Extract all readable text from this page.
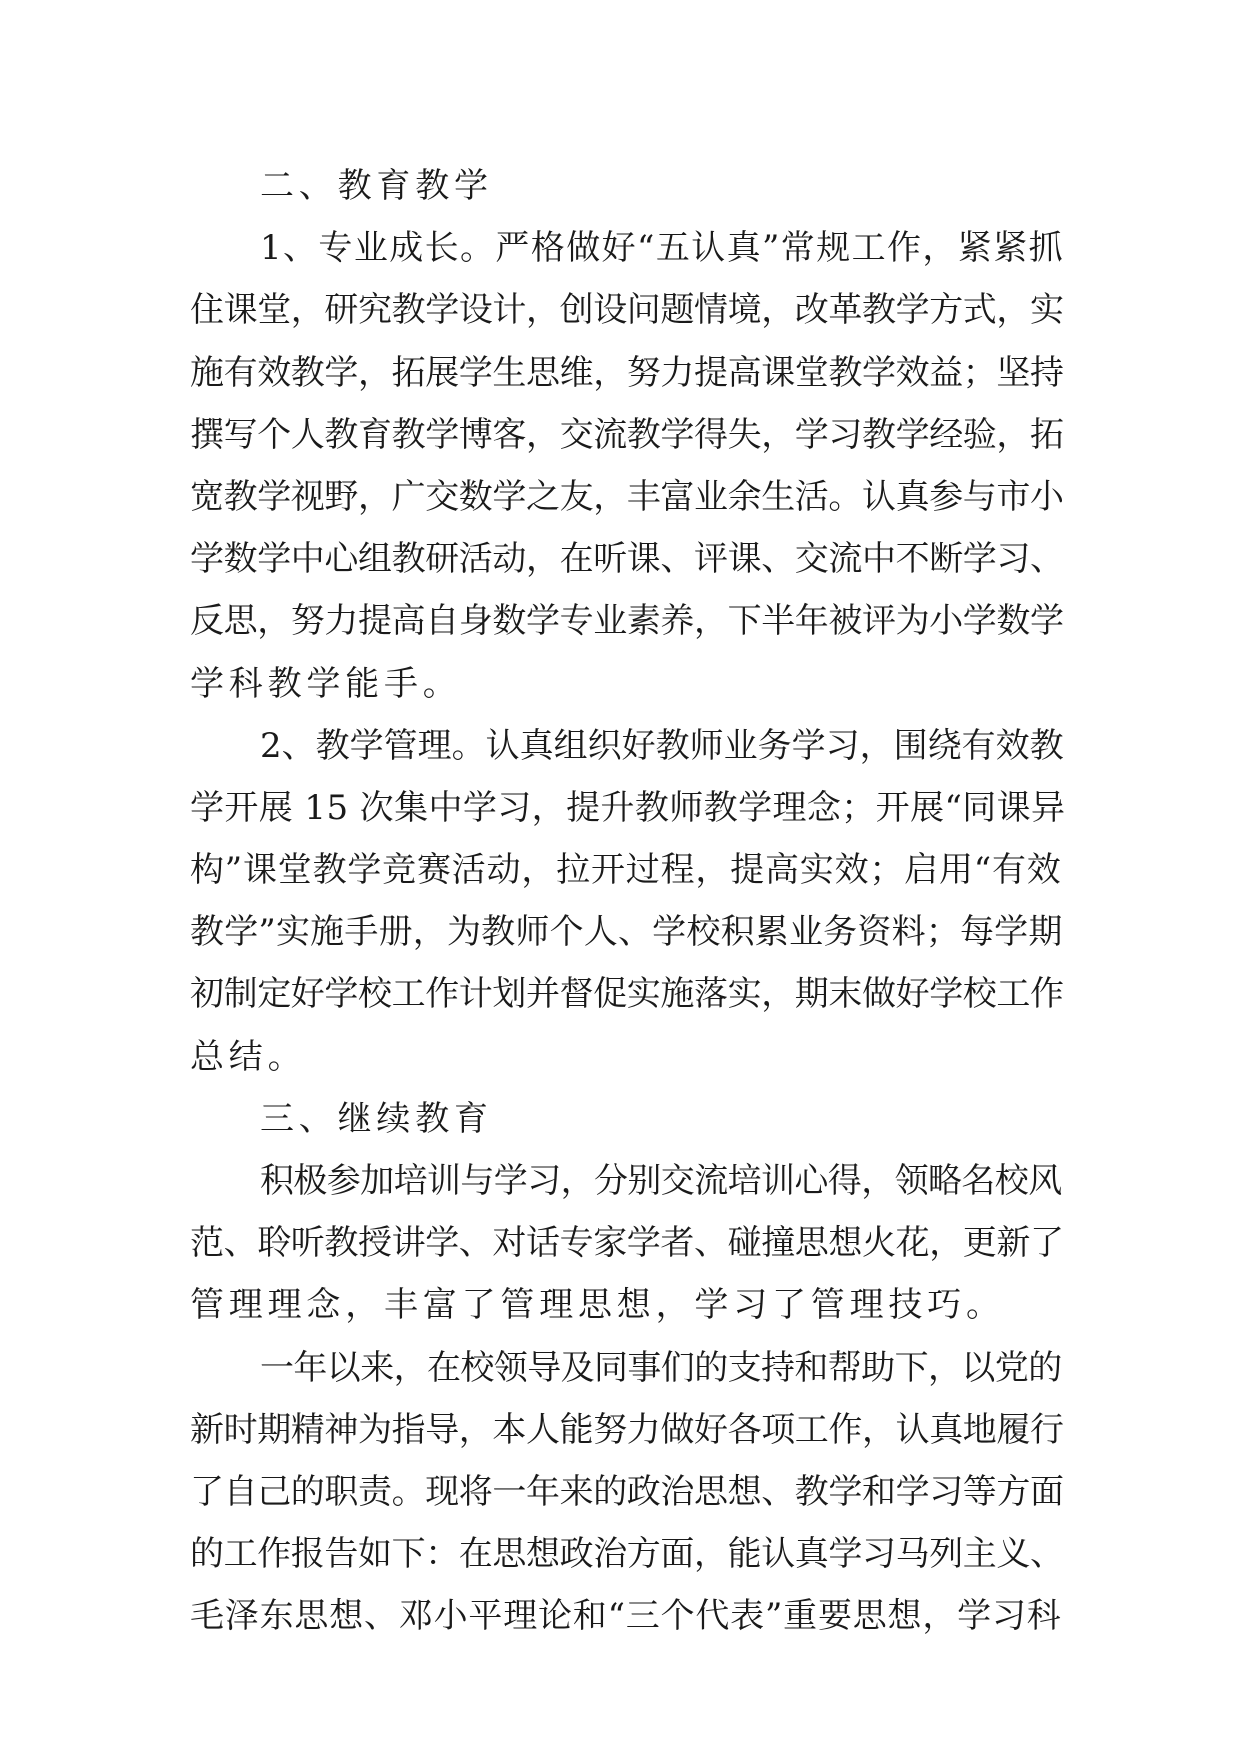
二、教育教学
1、专业成长。严格做好“五认真”常规工作，紧紧抓
住课堂，研究教学设计，创设问题情境，改革教学方式，实
施有效教学，拓展学生思维，努力提高课堂教学效益；坚持
撰写个人教育教学博客，交流教学得失，学习教学经验，拓
宽教学视野，广交数学之友，丰富业余生活。认真参与市小
学数学中心组教研活动，在听课、评课、交流中不断学习、
反思，努力提高自身数学专业素养，下半年被评为小学数学
学科教学能手。
2、教学管理。认真组织好教师业务学习，围绕有效教
学开展 15 次集中学习，提升教师教学理念；开展“同课异
构”课堂教学竞赛活动，拉开过程，提高实效；启用“有效
教学”实施手册，为教师个人、学校积累业务资料；每学期
初制定好学校工作计划并督促实施落实，期末做好学校工作
总结。
三、继续教育
积极参加培训与学习，分别交流培训心得，领略名校风
范、聆听教授讲学、对话专家学者、碰撞思想火花，更新了
管理理念，丰富了管理思想，学习了管理技巧。
一年以来，在校领导及同事们的支持和帮助下，以党的
新时期精神为指导，本人能努力做好各项工作，认真地履行
了自己的职责。现将一年来的政治思想、教学和学习等方面
的工作报告如下：在思想政治方面，能认真学习马列主义、
毛泽东思想、邓小平理论和“三个代表”重要思想，学习科
